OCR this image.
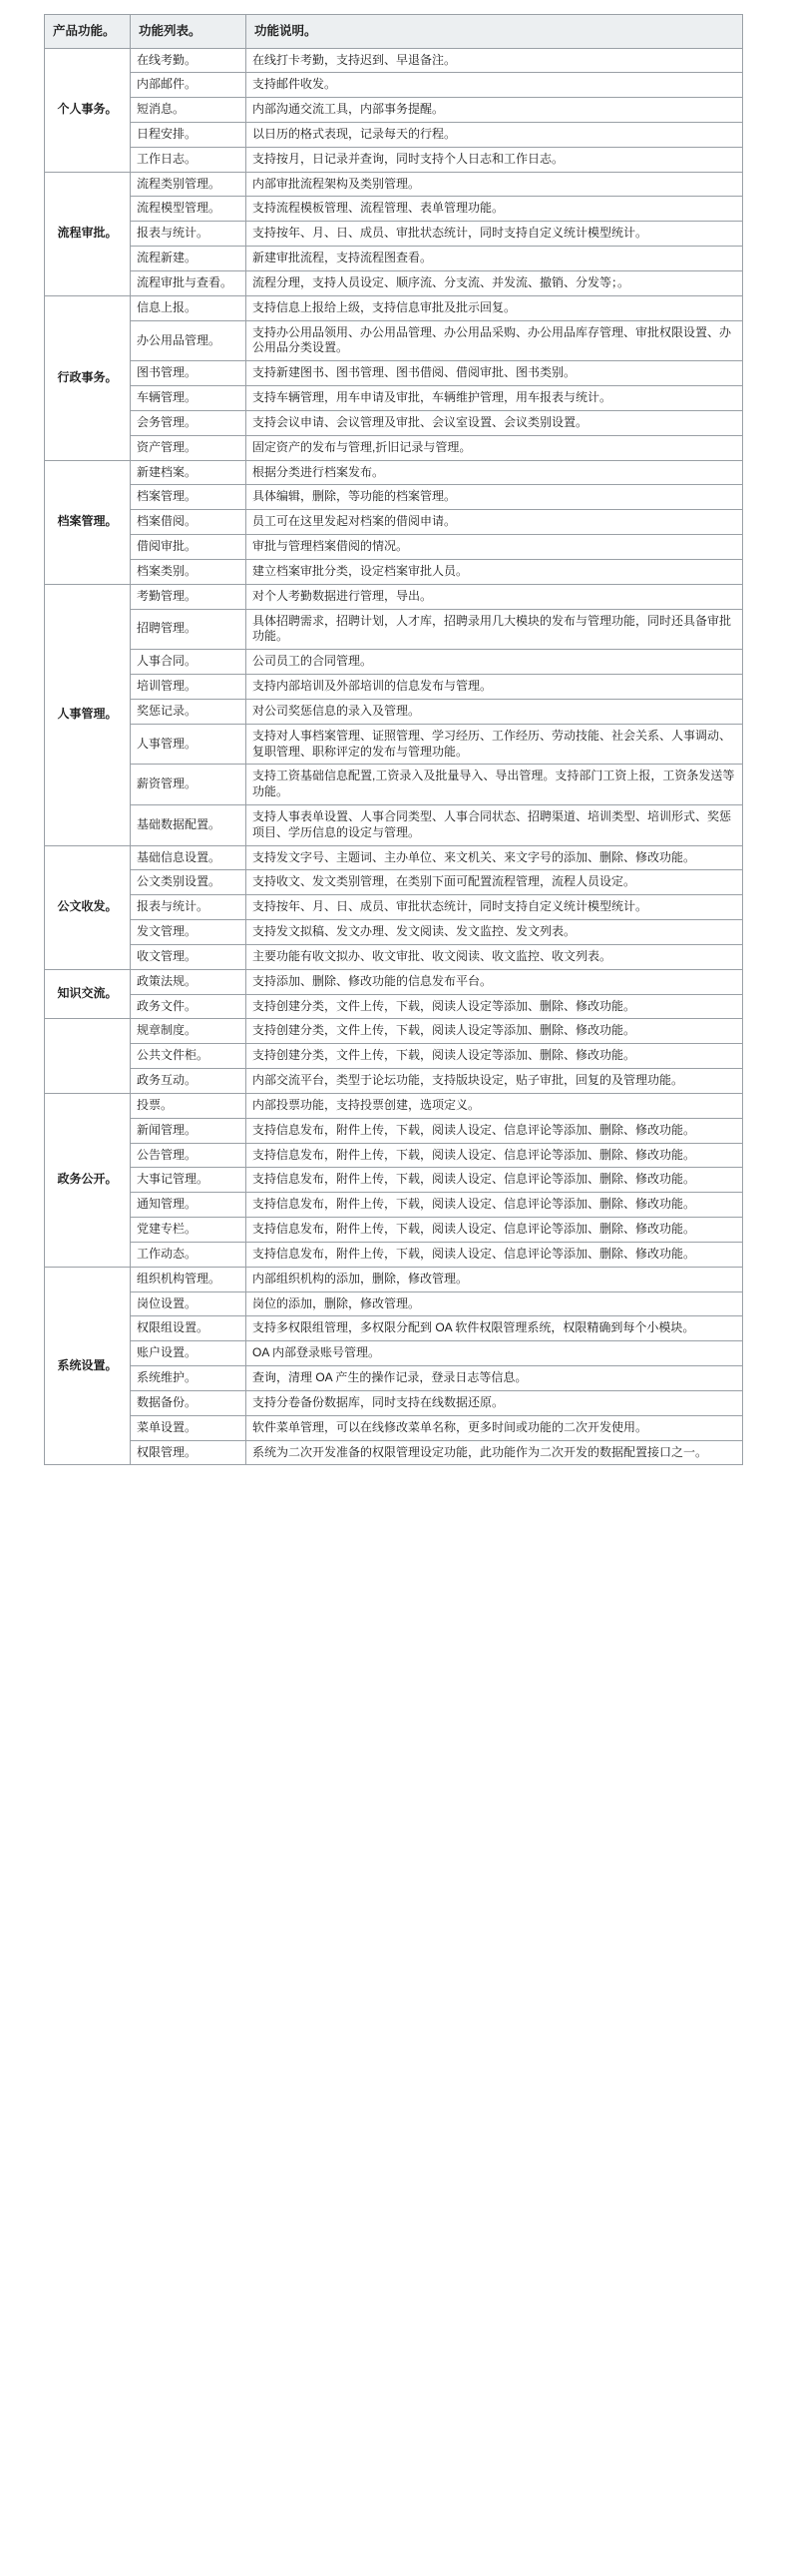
产品功能。	功能列表。	功能说明。
个人事务。	在线考勤。	在线打卡考勤，支持迟到、早退备注。
	内部邮件。	支持邮件收发。
	短消息。	内部沟通交流工具，内部事务提醒。
	日程安排。	以日历的格式表现，记录每天的行程。
	工作日志。	支持按月，日记录并查询，同时支持个人日志和工作日志。
流程审批。	流程类别管理。	内部审批流程架构及类别管理。
	流程模型管理。	支持流程模板管理、流程管理、表单管理功能。
	报表与统计。	支持按年、月、日、成员、审批状态统计，同时支持自定义统计模型统计。
	流程新建。	新建审批流程，支持流程图查看。
	流程审批与查看。	流程分理，支持人员设定、顺序流、分支流、并发流、撤销、分发等；。
行政事务。	信息上报。	支持信息上报给上级，支持信息审批及批示回复。
	办公用品管理。	支持办公用品领用、办公用品管理、办公用品采购、办公用品库存管理、审批权限设置、办公用品分类设置。
	图书管理。	支持新建图书、图书管理、图书借阅、借阅审批、图书类别。
	车辆管理。	支持车辆管理，用车申请及审批，车辆维护管理，用车报表与统计。
	会务管理。	支持会议申请、会议管理及审批、会议室设置、会议类别设置。
	资产管理。	固定资产的发布与管理,折旧记录与管理。
档案管理。	新建档案。	根据分类进行档案发布。
	档案管理。	具体编辑，删除，等功能的档案管理。
	档案借阅。	员工可在这里发起对档案的借阅申请。
	借阅审批。	审批与管理档案借阅的情况。
	档案类别。	建立档案审批分类，设定档案审批人员。
人事管理。	考勤管理。	对个人考勤数据进行管理，导出。
	招聘管理。	具体招聘需求，招聘计划，人才库，招聘录用几大模块的发布与管理功能，同时还具备审批功能。
	人事合同。	公司员工的合同管理。
	培训管理。	支持内部培训及外部培训的信息发布与管理。
	奖惩记录。	对公司奖惩信息的录入及管理。
	人事管理。	支持对人事档案管理、证照管理、学习经历、工作经历、劳动技能、社会关系、人事调动、复职管理、职称评定的发布与管理功能。
	薪资管理。	支持工资基础信息配置,工资录入及批量导入、导出管理。支持部门工资上报，工资条发送等功能。
	基础数据配置。	支持人事表单设置、人事合同类型、人事合同状态、招聘渠道、培训类型、培训形式、奖惩项目、学历信息的设定与管理。
公文收发。	基础信息设置。	支持发文字号、主题词、主办单位、来文机关、来文字号的添加、删除、修改功能。
	公文类别设置。	支持收文、发文类别管理，在类别下面可配置流程管理，流程人员设定。
	报表与统计。	支持按年、月、日、成员、审批状态统计，同时支持自定义统计模型统计。
	发文管理。	支持发文拟稿、发文办理、发文阅读、发文监控、发文列表。
	收文管理。	主要功能有收文拟办、收文审批、收文阅读、收文监控、收文列表。
知识交流。	政策法规。	支持添加、删除、修改功能的信息发布平台。
	政务文件。	支持创建分类，文件上传，下载，阅读人设定等添加、删除、修改功能。
	规章制度。	支持创建分类，文件上传，下载，阅读人设定等添加、删除、修改功能。
	公共文件柜。	支持创建分类，文件上传，下载，阅读人设定等添加、删除、修改功能。
	政务互动。	内部交流平台，类型于论坛功能，支持版块设定，贴子审批，回复的及管理功能。
政务公开。	投票。	内部投票功能，支持投票创建，选项定义。
	新闻管理。	支持信息发布，附件上传，下载，阅读人设定、信息评论等添加、删除、修改功能。
	公告管理。	支持信息发布，附件上传，下载，阅读人设定、信息评论等添加、删除、修改功能。
	大事记管理。	支持信息发布，附件上传，下载，阅读人设定、信息评论等添加、删除、修改功能。
	通知管理。	支持信息发布，附件上传，下载，阅读人设定、信息评论等添加、删除、修改功能。
	党建专栏。	支持信息发布，附件上传，下载，阅读人设定、信息评论等添加、删除、修改功能。
	工作动态。	支持信息发布，附件上传，下载，阅读人设定、信息评论等添加、删除、修改功能。
系统设置。	组织机构管理。	内部组织机构的添加，删除，修改管理。
	岗位设置。	岗位的添加，删除，修改管理。
	权限组设置。	支持多权限组管理，多权限分配到 OA 软件权限管理系统，权限精确到每个小模块。
	账户设置。	OA 内部登录账号管理。
	系统维护。	查询，清理 OA 产生的操作记录，登录日志等信息。
	数据备份。	支持分卷备份数据库，同时支持在线数据还原。
	菜单设置。	软件菜单管理，可以在线修改菜单名称，更多时间或功能的二次开发使用。
	权限管理。	系统为二次开发准备的权限管理设定功能，此功能作为二次开发的数据配置接口之一。
